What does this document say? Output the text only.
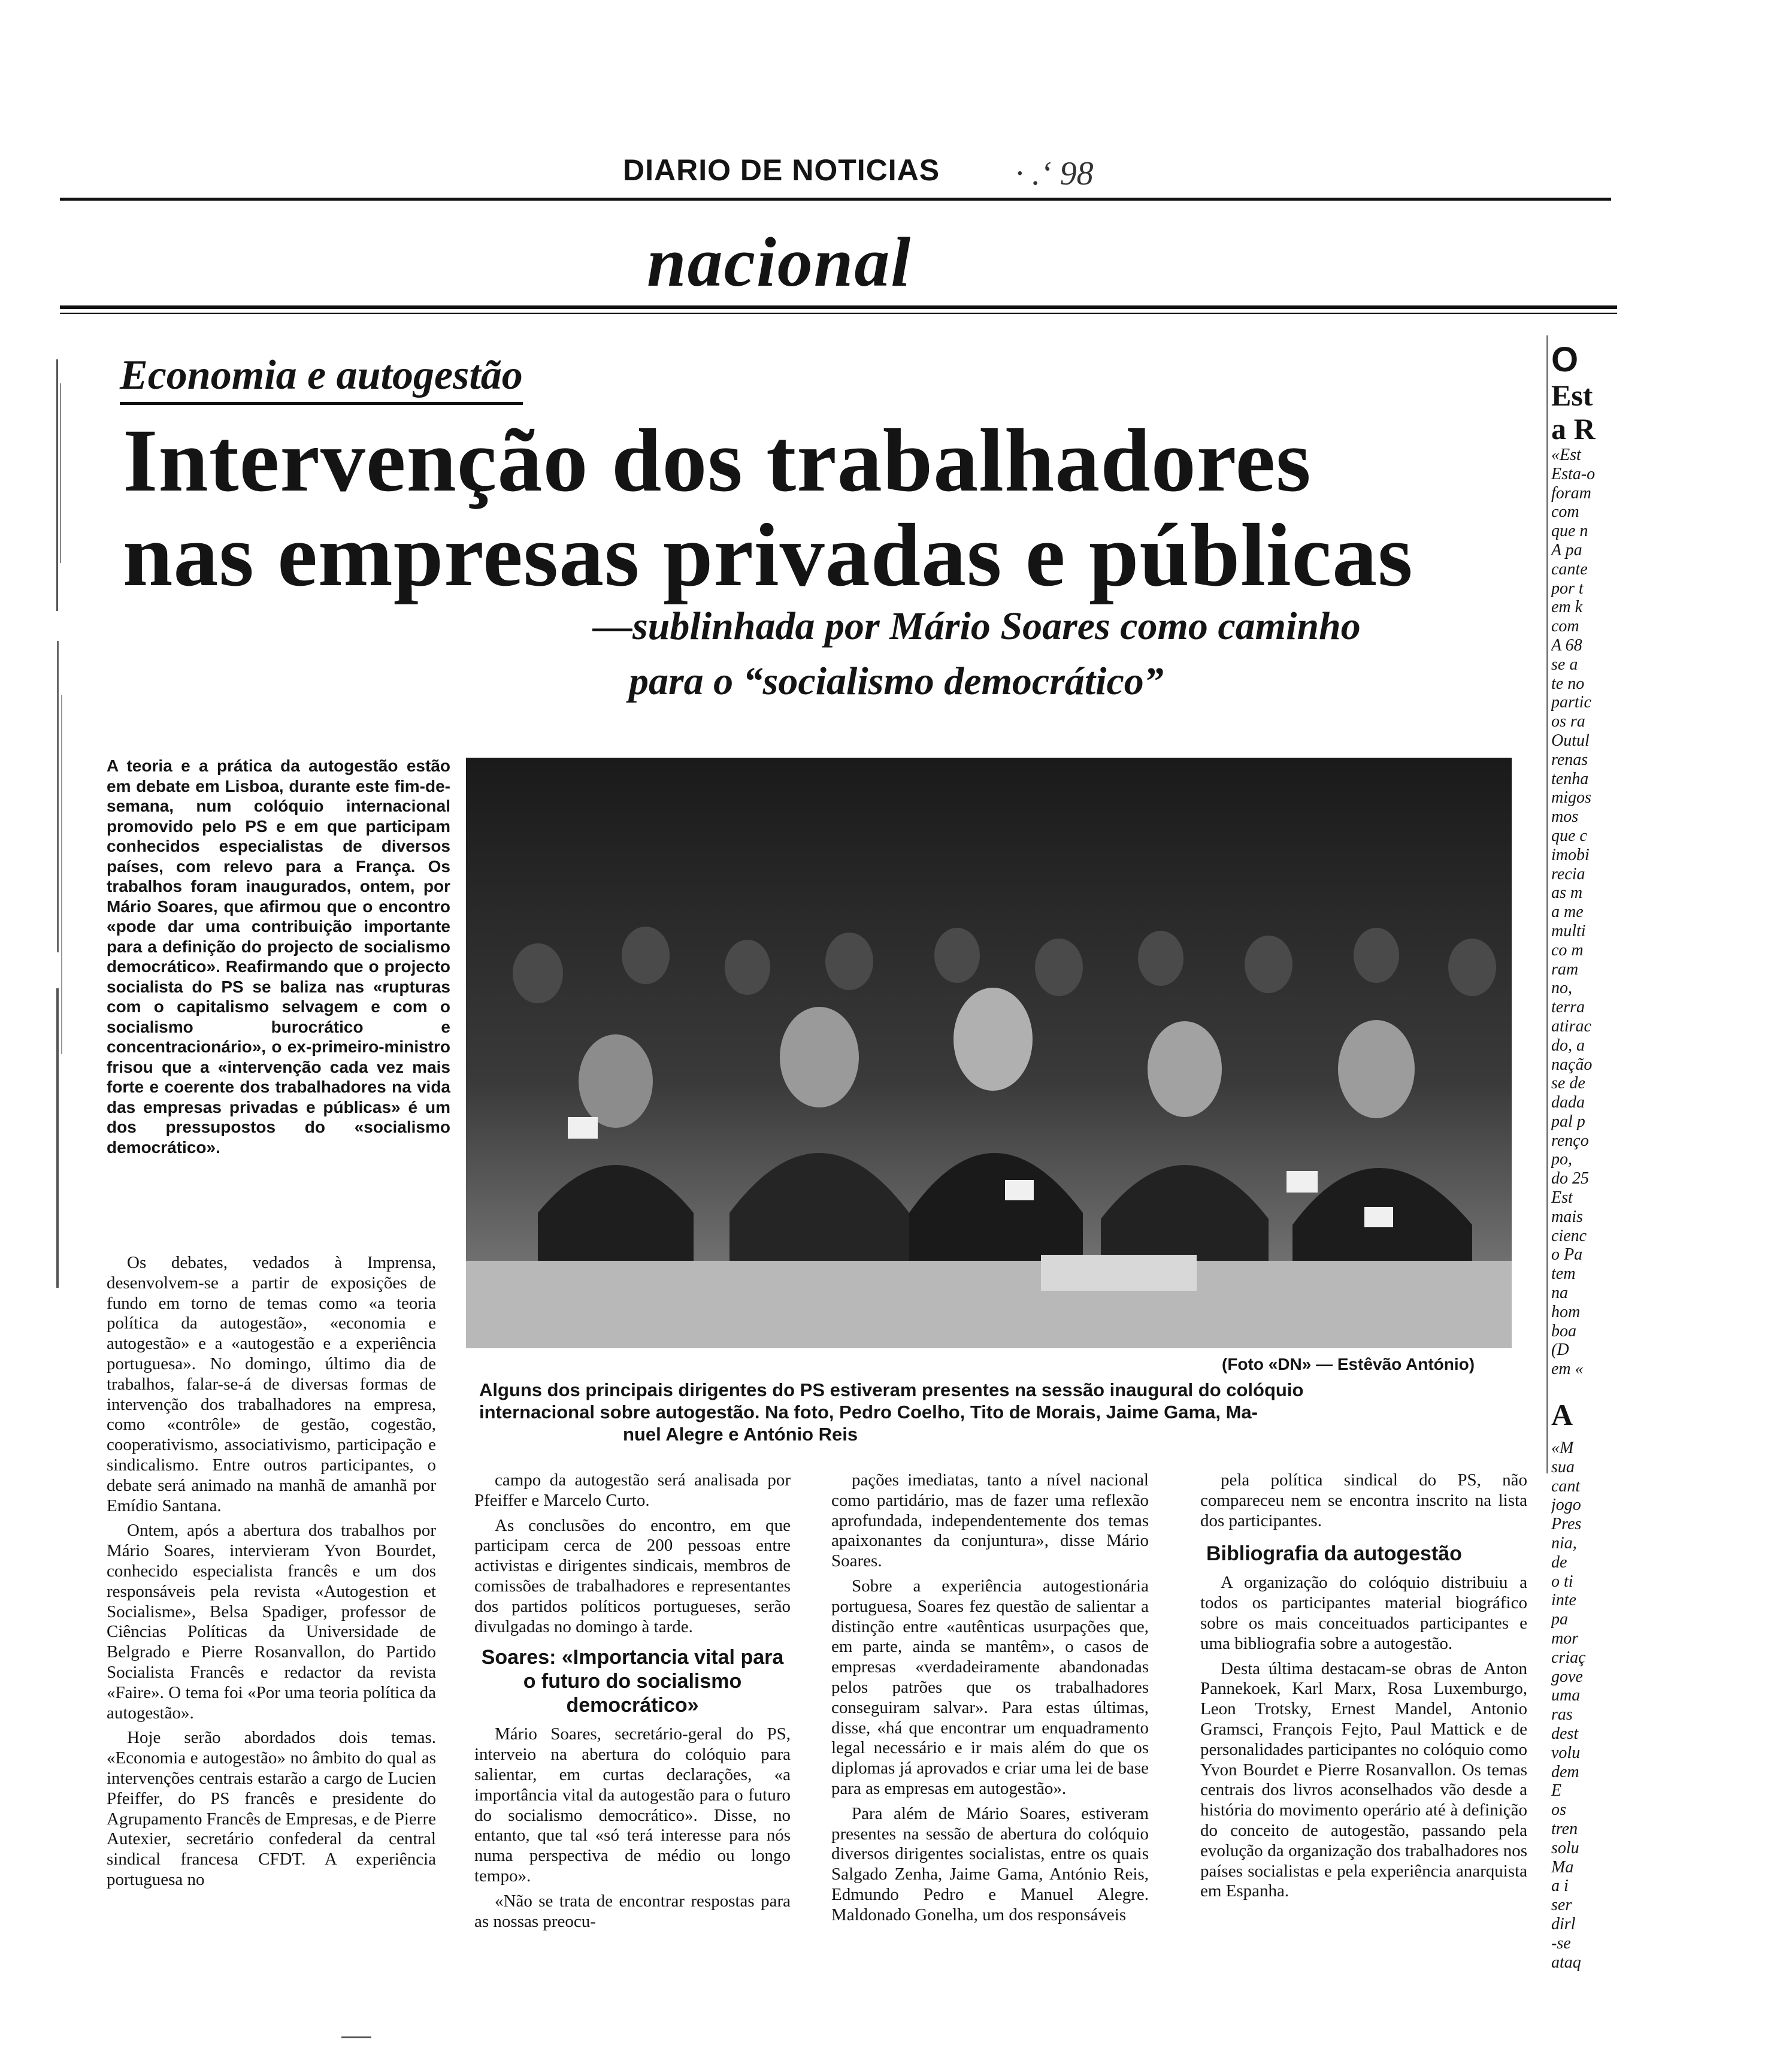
DIARIO DE NOTICIAS	· .‘ 98
nacional
Economia e autogestão
Intervenção dos trabalhadores
nas empresas privadas e públicas
—sublinhada por Mário Soares como caminho
para o “socialismo democrático”
A teoria e a prática da autogestão estão em debate em Lisboa, durante este fim-de-semana, num colóquio internacional promovido pelo PS e em que participam conhecidos especialistas de diversos países, com relevo para a França. Os trabalhos foram inaugurados, ontem, por Mário Soares, que afirmou que o encontro «pode dar uma contribuição importante para a definição do projecto de socialismo democrático». Reafirmando que o projecto socialista do PS se baliza nas «rupturas com o capitalismo selvagem e com o socialismo burocrático e concentracionário», o ex-primeiro-ministro frisou que a «intervenção cada vez mais forte e coerente dos trabalhadores na vida das empresas privadas e públicas» é um dos pressupostos do «socialismo democrático».
(Foto «DN» — Estêvão António)
Alguns dos principais dirigentes do PS estiveram presentes na sessão inaugural do colóquio
internacional sobre autogestão. Na foto, Pedro Coelho, Tito de Morais, Jaime Gama, Ma-
nuel Alegre e António Reis

Os debates, vedados à Imprensa, desenvolvem-se a partir de exposições de fundo em torno de temas como «a teoria política da autogestão», «economia e autogestão» e a «autogestão e a experiência portuguesa». No domingo, último dia de trabalhos, falar-se-á de diversas formas de intervenção dos trabalhadores na empresa, como «contrôle» de gestão, cogestão, cooperativismo, associativismo, participação e sindicalismo. Entre outros participantes, o debate será animado na manhã de amanhã por Emídio Santana.

Ontem, após a abertura dos trabalhos por Mário Soares, intervieram Yvon Bourdet, conhecido especialista francês e um dos responsáveis pela revista «Autogestion et Socialisme», Belsa Spadiger, professor de Ciências Políticas da Universidade de Belgrado e Pierre Rosanvallon, do Partido Socialista Francês e redactor da revista «Faire». O tema foi «Por uma teoria política da autogestão».

Hoje serão abordados dois temas. «Economia e autogestão» no âmbito do qual as intervenções centrais estarão a cargo de Lucien Pfeiffer, do PS francês e presidente do Agrupamento Francês de Empresas, e de Pierre Autexier, secretário confederal da central sindical francesa CFDT. A experiência portuguesa no

campo da autogestão será analisada por Pfeiffer e Marcelo Curto.

As conclusões do encontro, em que participam cerca de 200 pessoas entre activistas e dirigentes sindicais, membros de comissões de trabalhadores e representantes dos partidos políticos portugueses, serão divulgadas no domingo à tarde.

Soares: «Importancia vital para o futuro do socialismo democrático»

Mário Soares, secretário-geral do PS, interveio na abertura do colóquio para salientar, em curtas declarações, «a importância vital da autogestão para o futuro do socialismo democrático». Disse, no entanto, que tal «só terá interesse para nós numa perspectiva de médio ou longo tempo».

«Não se trata de encontrar respostas para as nossas preocu-

pações imediatas, tanto a nível nacional como partidário, mas de fazer uma reflexão aprofundada, independentemente dos temas apaixonantes da conjuntura», disse Mário Soares.

Sobre a experiência autogestionária portuguesa, Soares fez questão de salientar a distinção entre «autênticas usurpações que, em parte, ainda se mantêm», o casos de empresas «verdadeiramente abandonadas pelos patrões que os trabalhadores conseguiram salvar». Para estas últimas, disse, «há que encontrar um enquadramento legal necessário e ir mais além do que os diplomas já aprovados e criar uma lei de base para as empresas em autogestão».

Para além de Mário Soares, estiveram presentes na sessão de abertura do colóquio diversos dirigentes socialistas, entre os quais Salgado Zenha, Jaime Gama, António Reis, Edmundo Pedro e Manuel Alegre. Maldonado Gonelha, um dos responsáveis

pela política sindical do PS, não compareceu nem se encontra inscrito na lista dos participantes.

Bibliografia da autogestão

A organização do colóquio distribuiu a todos os participantes material biográfico sobre os mais conceituados participantes e uma bibliografia sobre a autogestão.

Desta última destacam-se obras de Anton Pannekoek, Karl Marx, Rosa Luxemburgo, Leon Trotsky, Ernest Mandel, Antonio Gramsci, François Fejto, Paul Mattick e de personalidades participantes no colóquio como Yvon Bourdet e Pierre Rosanvallon. Os temas centrais dos livros aconselhados vão desde a história do movimento operário até à definição do conceito de autogestão, passando pela evolução da organização dos trabalhadores nos países socialistas e pela experiência anarquista em Espanha.

O
Est
a R
«Est
Esta-o
foram
com
que n
A pa
cante
por t
em k
com
A 68
se a
te no
partic
os ra
Outul
renas
tenha
migos
mos
que c
imobi
recia
as m
a me
multi
co m
ram
no,
terra
atirac
do, a
nação
se de
dada
pal p
renço
po,
do 25
Est
mais
cienc
o Pa
tem
na
hom
boa
(D
em «
A
«M
sua
cant
jogo
Pres
nia,
de
o ti
inte
pa
mor
criaç
gove
uma
ras
dest
volu
dem
E
os
tren
solu
Ma
a i
ser
dirl
-se
ataq
